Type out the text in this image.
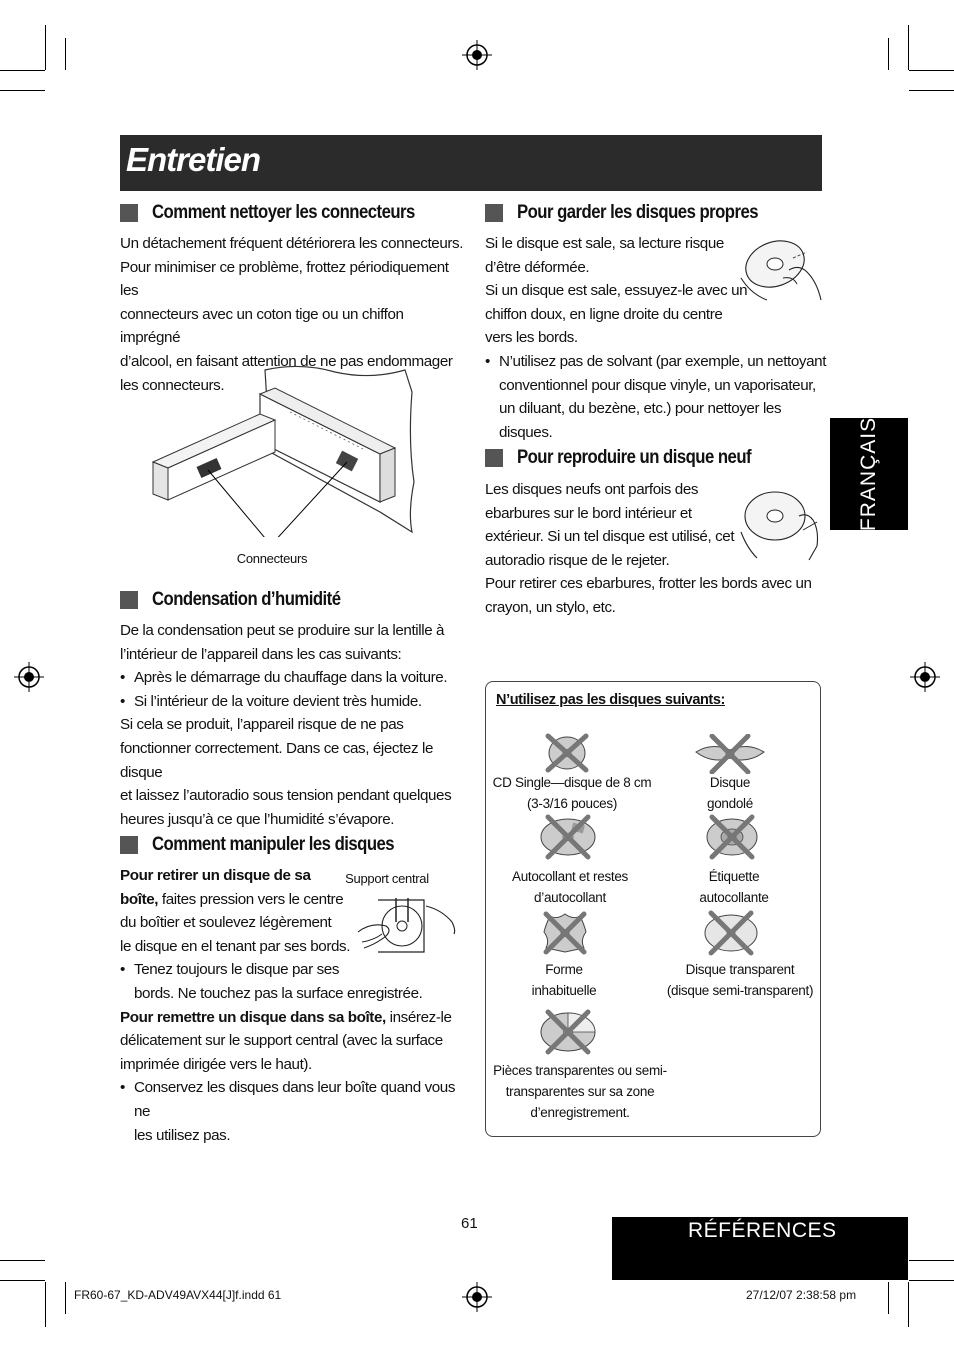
Entretien
FRANÇAIS
Comment nettoyer les connecteurs

Un détachement fréquent détériorera les connecteurs.

Pour minimiser ce problème, frottez périodiquement les

connecteurs avec un coton tige ou un chiffon imprégné

d’alcool, en faisant attention de ne pas endommager

les connecteurs.

Connecteurs
Condensation d’humidité

De la condensation peut se produire sur la lentille à

l’intérieur de l’appareil dans les cas suivants:

• Après le démarrage du chauffage dans la voiture.

• Si l’intérieur de la voiture devient très humide.

Si cela se produit, l’appareil risque de ne pas

fonctionner correctement. Dans ce cas, éjectez le disque

et laissez l’autoradio sous tension pendant quelques

heures jusqu’à ce que l’humidité s’évapore.

Comment manipuler les disques
Support central

Pour retirer un disque de sa

boîte, faites pression vers le centre

du boîtier et soulevez légèrement

le disque en el tenant par ses bords.

• Tenez toujours le disque par ses
bords. Ne touchez pas la surface enregistrée.

Pour remettre un disque dans sa boîte, insérez-le

délicatement sur le support central (avec la surface

imprimée dirigée vers le haut).

• Conservez les disques dans leur boîte quand vous ne
les utilisez pas.

Pour garder les disques propres

Si le disque est sale, sa lecture risque

d’être déformée.

Si un disque est sale, essuyez-le avec un

chiffon doux, en ligne droite du centre

vers les bords.

• N’utilisez pas de solvant (par exemple, un nettoyant
conventionnel pour disque vinyle, un vaporisateur,
un diluant, du bezène, etc.) pour nettoyer les disques.

Pour reproduire un disque neuf

Les disques neufs ont parfois des

ebarbures sur le bord intérieur et

extérieur. Si un tel disque est utilisé, cet

autoradio risque de le rejeter.

Pour retirer ces ebarbures, frotter les bords avec un

crayon, un stylo, etc.

N’utilisez pas les disques suivants:
CD Single—disque de 8 cm
(3-3/16 pouces)
Disque
gondolé
Autocollant et restes
d’autocollant
Étiquette
autocollante
Forme
inhabituelle
Disque transparent
(disque semi-transparent)
Pièces transparentes ou semi-
transparentes sur sa zone
d’enregistrement.
61	RÉFÉRENCES
FR60-67_KD-ADV49AVX44[J]f.indd 61	27/12/07 2:38:58 pm
